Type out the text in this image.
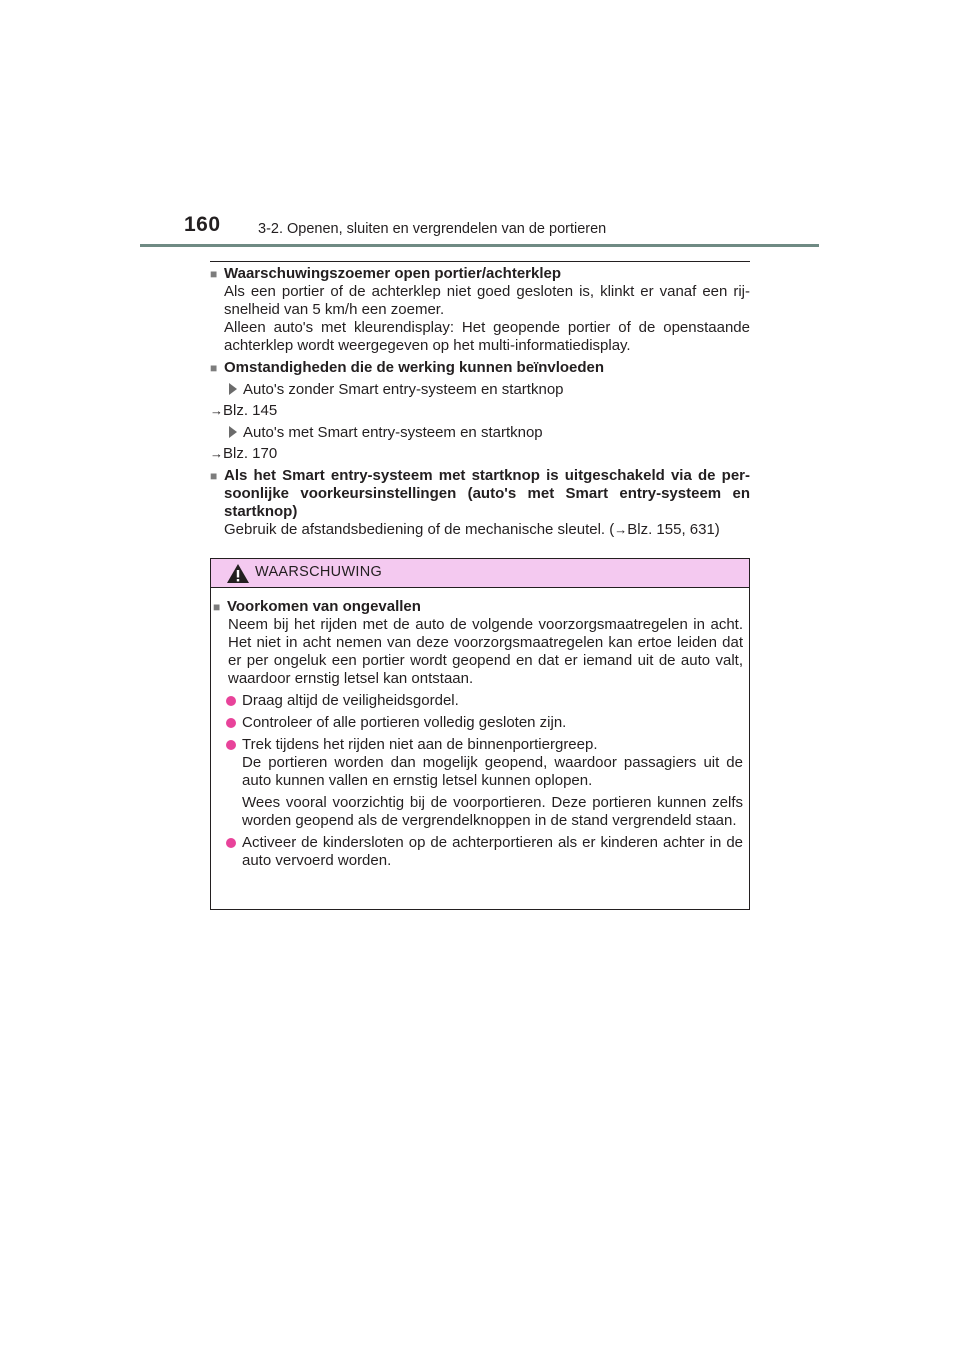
160	3-2. Openen, sluiten en vergrendelen van de portieren
■ Waarschuwingszoemer open portier/achterklep

Als een portier of de achterklep niet goed gesloten is, klinkt er vanaf een rij-snelheid van 5 km/h een zoemer.

Alleen auto's met kleurendisplay: Het geopende portier of de openstaande achterklep wordt weergegeven op het multi-informatiedisplay.

■ Omstandigheden die de werking kunnen beïnvloeden
Auto's zonder Smart entry-systeem en startknop
→Blz. 145
Auto's met Smart entry-systeem en startknop
→Blz. 170
■ Als het Smart entry-systeem met startknop is uitgeschakeld via de per-soonlijke voorkeursinstellingen (auto's met Smart entry-systeem en startknop)

Gebruik de afstandsbediening of de mechanische sleutel. (→Blz. 155, 631)

WAARSCHUWING
■ Voorkomen van ongevallen
Neem bij het rijden met de auto de volgende voorzorgsmaatregelen in acht. Het niet in acht nemen van deze voorzorgsmaatregelen kan ertoe leiden dat er per ongeluk een portier wordt geopend en dat er iemand uit de auto valt, waardoor ernstig letsel kan ontstaan.

Draag altijd de veiligheidsgordel.

Controleer of alle portieren volledig gesloten zijn.

Trek tijdens het rijden niet aan de binnenportiergreep.
De portieren worden dan mogelijk geopend, waardoor passagiers uit de auto kunnen vallen en ernstig letsel kunnen oplopen.

Wees vooral voorzichtig bij de voorportieren. Deze portieren kunnen zelfs worden geopend als de vergrendelknoppen in de stand vergrendeld staan.

Activeer de kindersloten op de achterportieren als er kinderen achter in de auto vervoerd worden.
